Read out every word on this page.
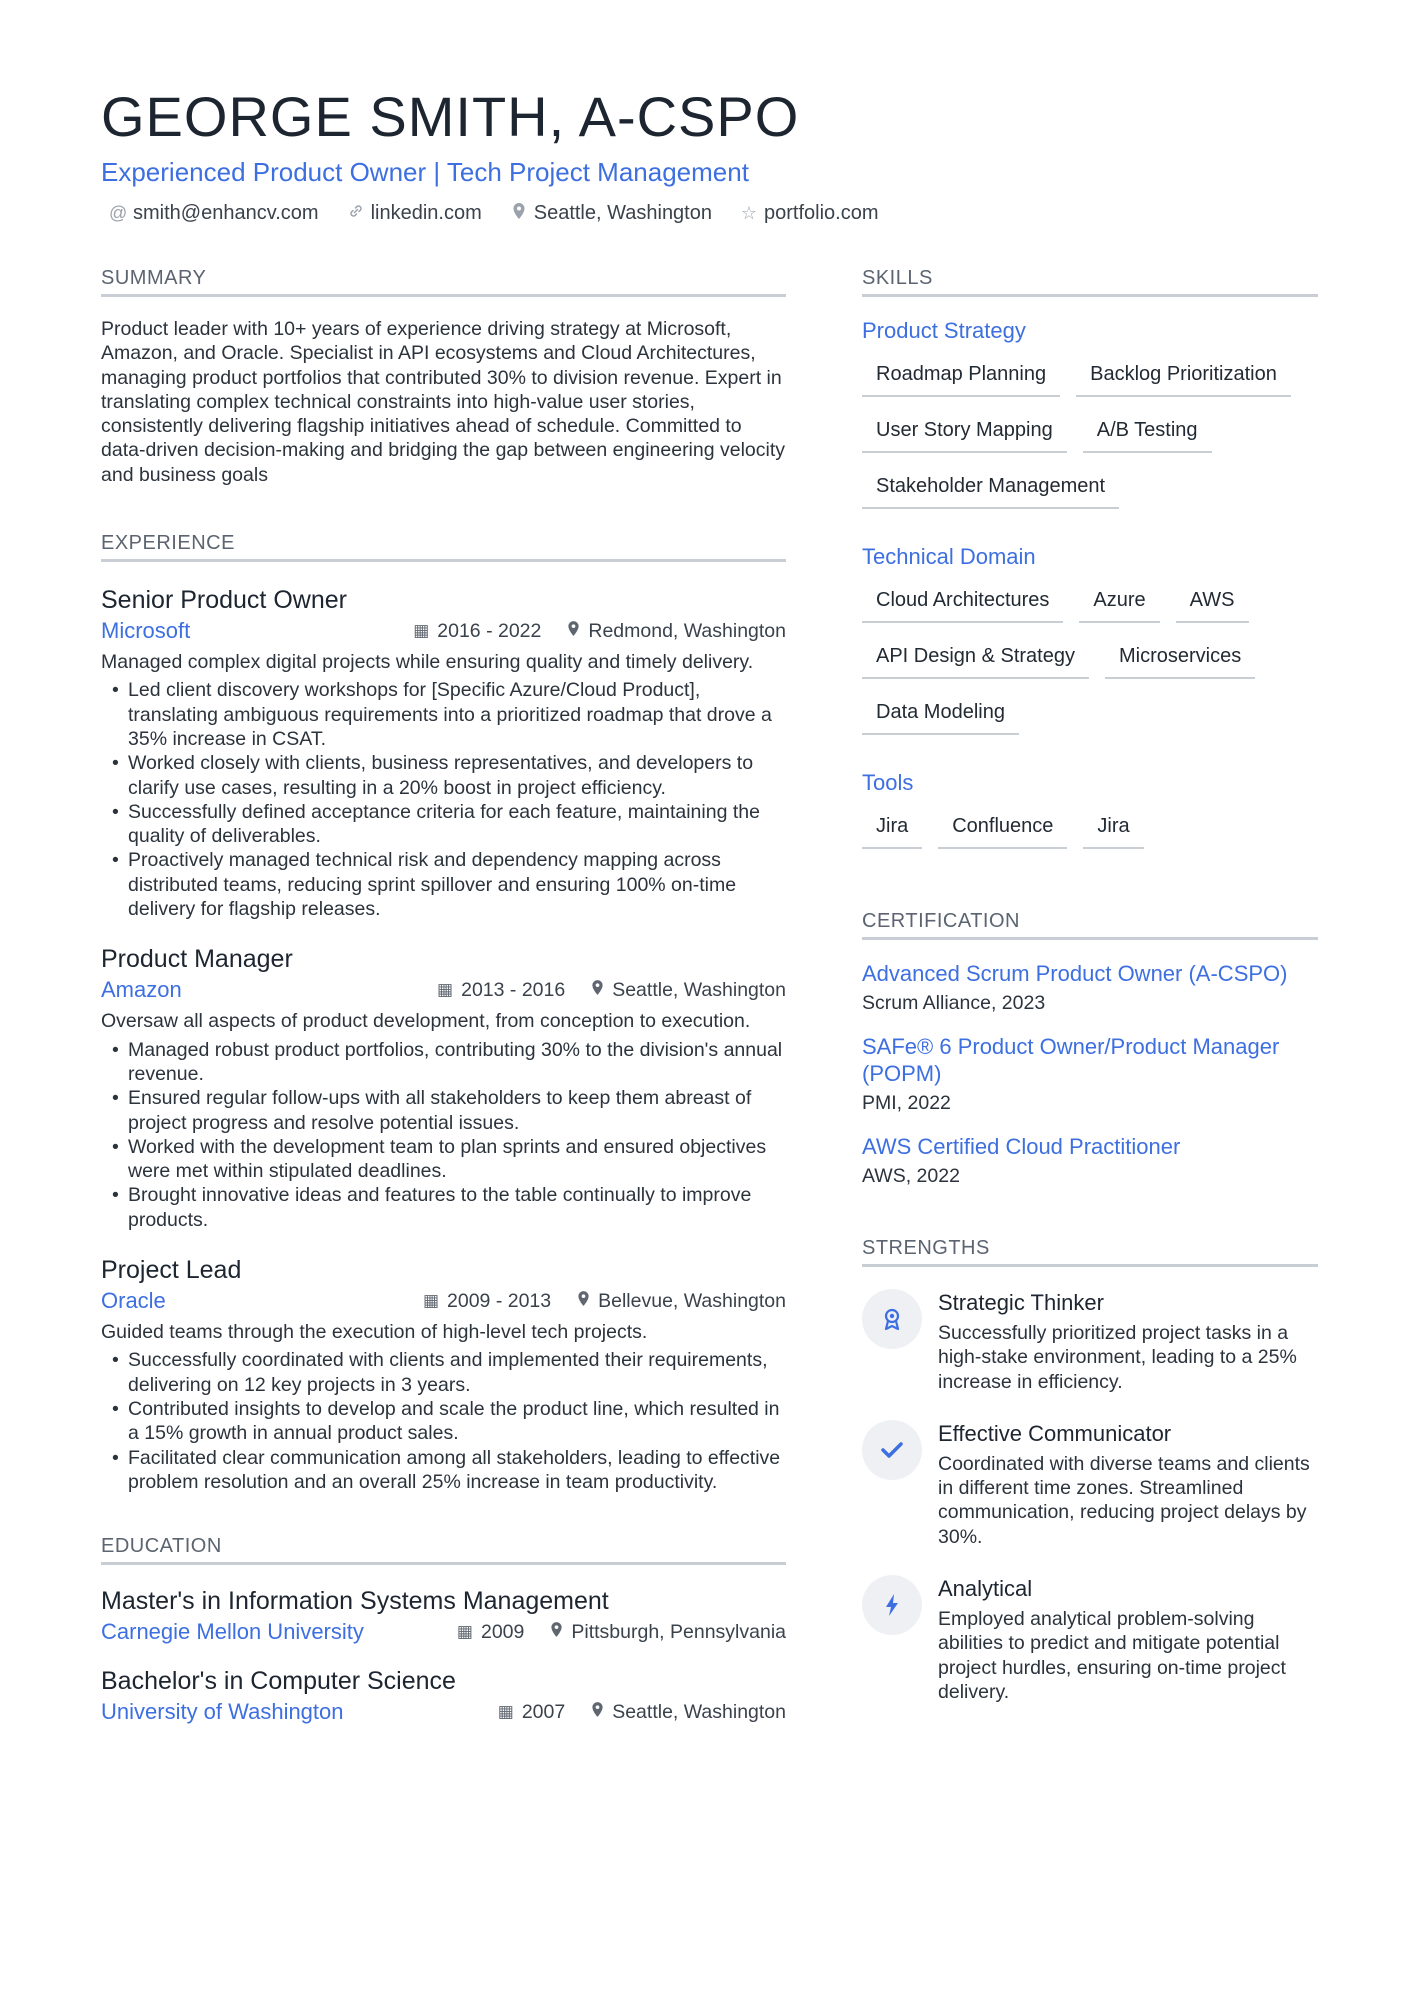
GEORGE SMITH, A-CSPO
Experienced Product Owner | Tech Project Management
@ smith@enhancv.com	linkedin.com	Seattle, Washington ☆ portfolio.com
SUMMARY

Product leader with 10+ years of experience driving strategy at Microsoft, Amazon, and Oracle. Specialist in API ecosystems and Cloud Architectures, managing product portfolios that contributed 30% to division revenue. Expert in translating complex technical constraints into high-value user stories, consistently delivering flagship initiatives ahead of schedule. Committed to data-driven decision-making and bridging the gap between engineering velocity and business goals

EXPERIENCE
Senior Product Owner
Microsoft	▦ 2016 - 2022 Redmond, Washington

Managed complex digital projects while ensuring quality and timely delivery.

• Led client discovery workshops for [Specific Azure/Cloud Product], translating ambiguous requirements into a prioritized roadmap that drove a 35% increase in CSAT.
• Worked closely with clients, business representatives, and developers to clarify use cases, resulting in a 20% boost in project efficiency.
• Successfully defined acceptance criteria for each feature, maintaining the quality of deliverables.
• Proactively managed technical risk and dependency mapping across distributed teams, reducing sprint spillover and ensuring 100% on-time delivery for flagship releases.
Product Manager
Amazon	▦ 2013 - 2016 Seattle, Washington

Oversaw all aspects of product development, from conception to execution.

• Managed robust product portfolios, contributing 30% to the division's annual revenue.
• Ensured regular follow-ups with all stakeholders to keep them abreast of project progress and resolve potential issues.
• Worked with the development team to plan sprints and ensured objectives were met within stipulated deadlines.
• Brought innovative ideas and features to the table continually to improve products.
Project Lead
Oracle	▦ 2009 - 2013 Bellevue, Washington

Guided teams through the execution of high-level tech projects.

• Successfully coordinated with clients and implemented their requirements, delivering on 12 key projects in 3 years.
• Contributed insights to develop and scale the product line, which resulted in a 15% growth in annual product sales.
• Facilitated clear communication among all stakeholders, leading to effective problem resolution and an overall 25% increase in team productivity.
EDUCATION
Master's in Information Systems Management
Carnegie Mellon University	▦ 2009 Pittsburgh, Pennsylvania
Bachelor's in Computer Science
University of Washington	▦ 2007 Seattle, Washington
SKILLS
Product Strategy
Roadmap Planning	Backlog Prioritization
User Story Mapping	A/B Testing
Stakeholder Management
Technical Domain
Cloud Architectures	Azure	AWS
API Design & Strategy	Microservices
Data Modeling
Tools
Jira	Confluence	Jira
CERTIFICATION
Advanced Scrum Product Owner (A-CSPO)
Scrum Alliance, 2023
SAFe® 6 Product Owner/Product Manager (POPM)
PMI, 2022
AWS Certified Cloud Practitioner
AWS, 2022
STRENGTHS
Strategic Thinker
Successfully prioritized project tasks in a high-stake environment, leading to a 25% increase in efficiency.
Effective Communicator
Coordinated with diverse teams and clients in different time zones. Streamlined communication, reducing project delays by 30%.
Analytical
Employed analytical problem-solving abilities to predict and mitigate potential project hurdles, ensuring on-time project delivery.
